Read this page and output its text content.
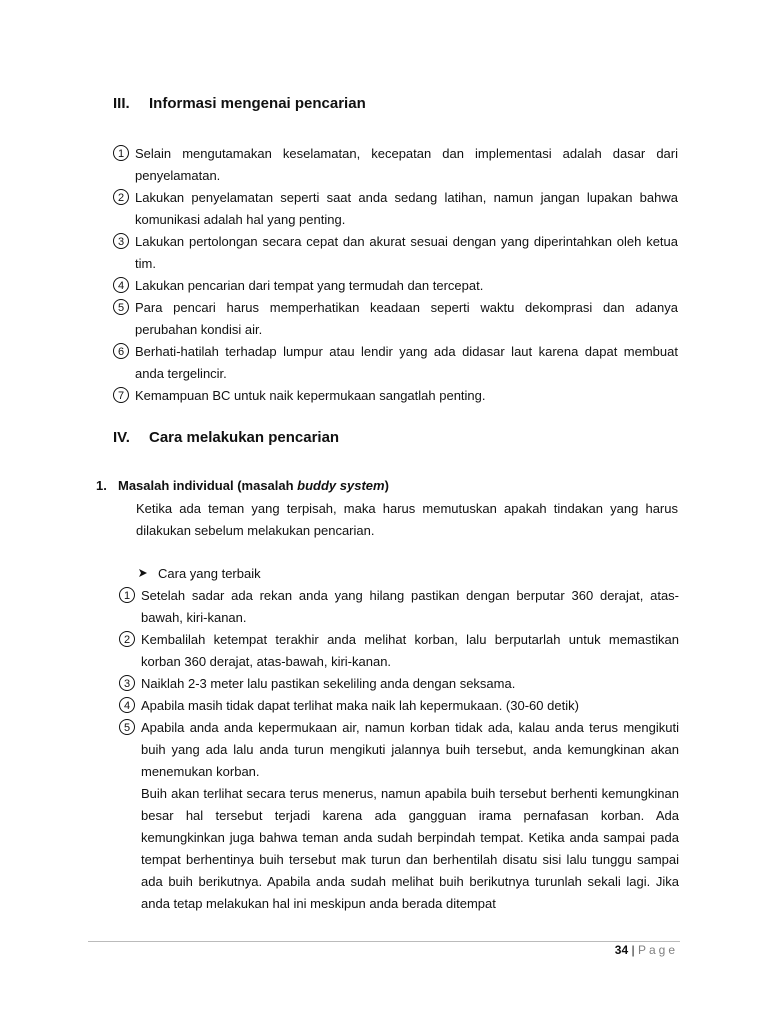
III. Informasi mengenai pencarian
1 Selain mengutamakan keselamatan, kecepatan dan implementasi adalah dasar dari penyelamatan.
2 Lakukan penyelamatan seperti saat anda sedang latihan, namun jangan lupakan bahwa komunikasi adalah hal yang penting.
3 Lakukan pertolongan secara cepat dan akurat sesuai dengan yang diperintahkan oleh ketua tim.
4 Lakukan pencarian dari tempat yang termudah dan tercepat.
5 Para pencari harus memperhatikan keadaan seperti waktu dekomprasi dan adanya perubahan kondisi air.
6 Berhati-hatilah terhadap lumpur atau lendir yang ada didasar laut karena dapat membuat anda tergelincir.
7 Kemampuan BC untuk naik kepermukaan sangatlah penting.
IV. Cara melakukan pencarian
1. Masalah individual (masalah buddy system)
Ketika ada teman yang terpisah, maka harus memutuskan apakah tindakan yang harus dilakukan sebelum melakukan pencarian.
Cara yang terbaik
1 Setelah sadar ada rekan anda yang hilang pastikan dengan berputar 360 derajat, atas-bawah, kiri-kanan.
2 Kembalilah ketempat terakhir anda melihat korban, lalu berputarlah untuk memastikan korban 360 derajat, atas-bawah, kiri-kanan.
3 Naiklah 2-3 meter lalu pastikan sekeliling anda dengan seksama.
4 Apabila masih tidak dapat terlihat maka naik lah kepermukaan. (30-60 detik)
5 Apabila anda anda kepermukaan air, namun korban tidak ada, kalau anda terus mengikuti buih yang ada lalu anda turun mengikuti jalannya buih tersebut, anda kemungkinan akan menemukan korban.
Buih akan terlihat secara terus menerus, namun apabila buih tersebut berhenti kemungkinan besar hal tersebut terjadi karena ada gangguan irama pernafasan korban. Ada kemungkinkan juga bahwa teman anda sudah berpindah tempat. Ketika anda sampai pada tempat berhentinya buih tersebut mak turun dan berhentilah disatu sisi lalu tunggu sampai ada buih berikutnya. Apabila anda sudah melihat buih berikutnya turunlah sekali lagi. Jika anda tetap melakukan hal ini meskipun anda berada ditempat
34 | Page
